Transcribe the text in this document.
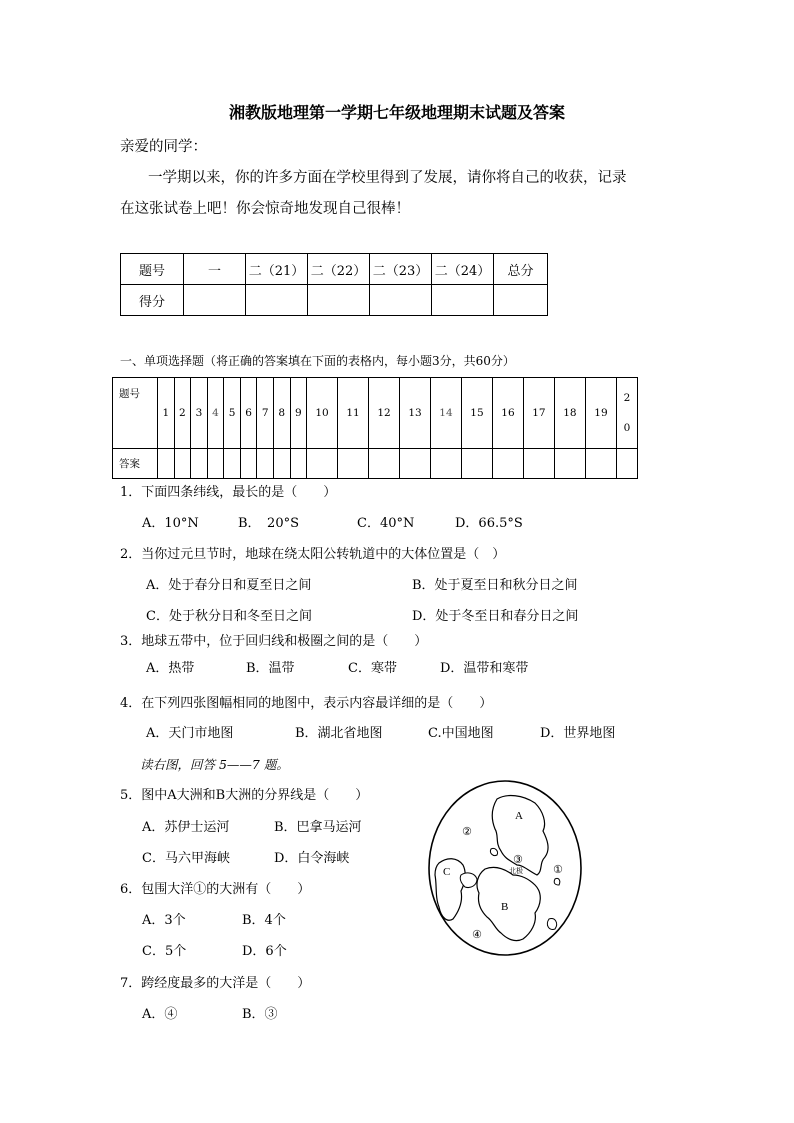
湘教版地理第一学期七年级地理期末试题及答案
亲爱的同学：
一学期以来，你的许多方面在学校里得到了发展，请你将自己的收获，记录
在这张试卷上吧！你会惊奇地发现自己很棒！
题号	一	二（21）	二（22）	二（23）	二（24）	总分
得分						
一、单项选择题（将正确的答案填在下面的表格内，每小题3分，共60分）
题号	1	2	3	4	5	6	7	8	9	10	11	12	13	14	15	16	17	18	19	2
0
答案																				
1．下面四条纬线，最长的是（　　）
A．10°N	B．　20°S	C．40°N	D．66.5°S
2．当你过元旦节时，地球在绕太阳公转轨道中的大体位置是（　）
A．处于春分日和夏至日之间	B．处于夏至日和秋分日之间
C．处于秋分日和冬至日之间	D．处于冬至日和春分日之间
3．地球五带中，位于回归线和极圈之间的是（　　）
A．热带	B．温带	C．寒带	D．温带和寒带
4．在下列四张图幅相同的地图中，表示内容最详细的是（　　）
A．天门市地图	B．湖北省地图	C.中国地图	D．世界地图
读右图，回答 5——7 题。
5．图中A大洲和B大洲的分界线是（　　）
A．苏伊士运河	B．巴拿马运河
C．马六甲海峡	D．白令海峡
6．包围大洋①的大洲有（　　）
A．3个	B．4个
C．5个	D．6个
7．跨经度最多的大洋是（　　）
A．④	B．③
A
B
C	①
②
③
④
北极
